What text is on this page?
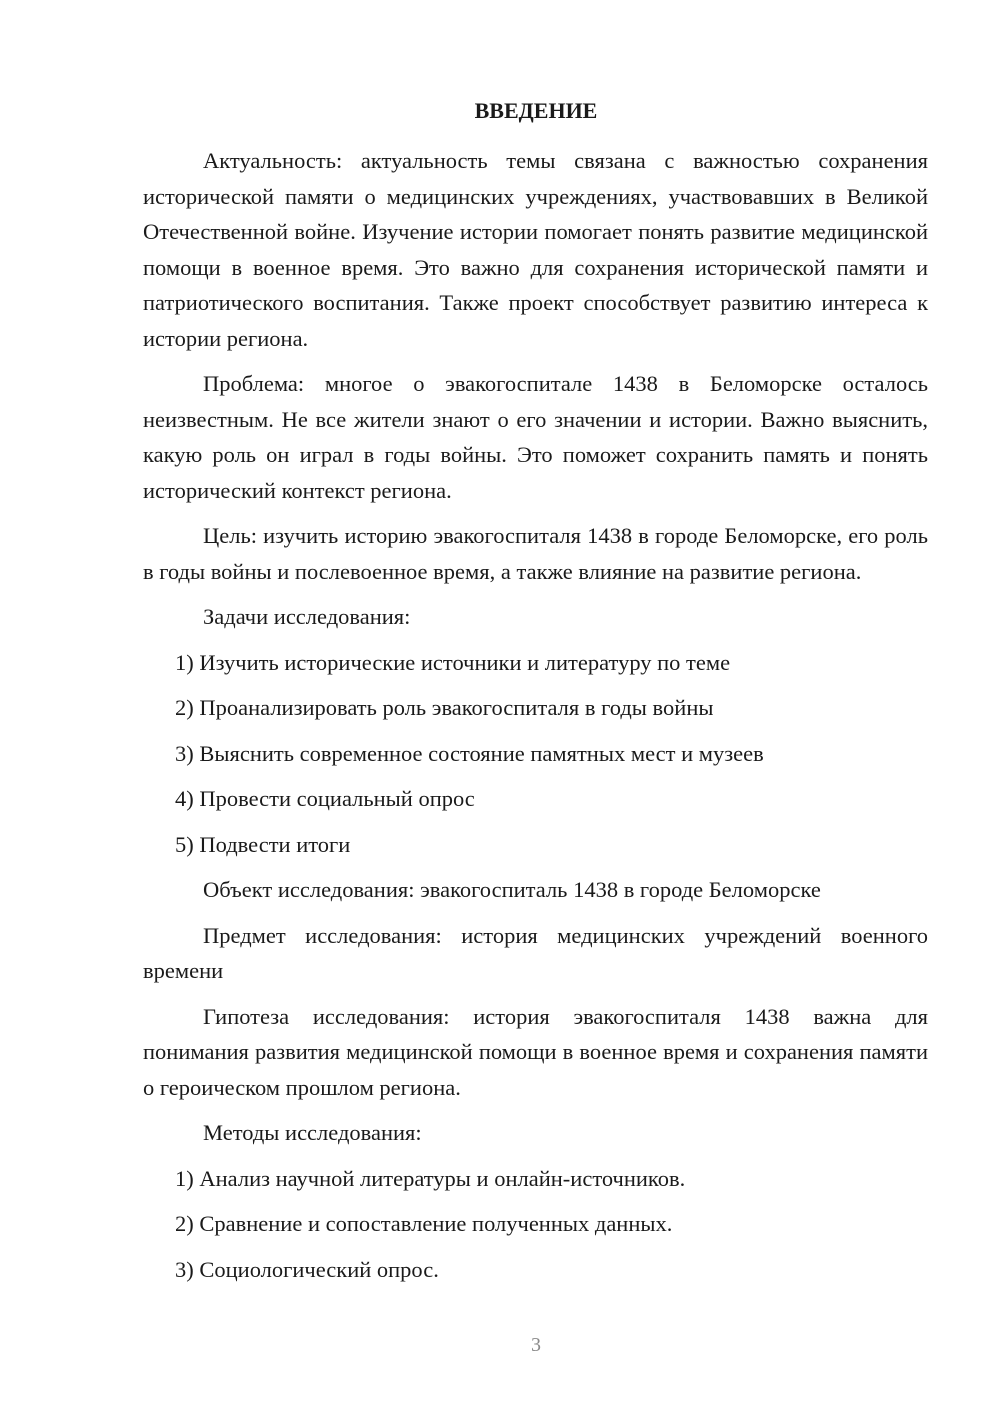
ВВЕДЕНИЕ

Актуальность: актуальность темы связана с важностью сохранения исторической памяти о медицинских учреждениях, участвовавших в Великой Отечественной войне. Изучение истории помогает понять развитие медицинской помощи в военное время. Это важно для сохранения исторической памяти и патриотического воспитания. Также проект способствует развитию интереса к истории региона.

Проблема: многое о эвакогоспитале 1438 в Беломорске осталось неизвестным. Не все жители знают о его значении и истории. Важно выяснить, какую роль он играл в годы войны. Это поможет сохранить память и понять исторический контекст региона.

Цель: изучить историю эвакогоспиталя 1438 в городе Беломорске, его роль в годы войны и послевоенное время, а также влияние на развитие региона.

Задачи исследования:

1) Изучить исторические источники и литературу по теме
2) Проанализировать роль эвакогоспиталя в годы войны
3) Выяснить современное состояние памятных мест и музеев
4) Провести социальный опрос
5) Подвести итоги

Объект исследования: эвакогоспиталь 1438 в городе Беломорске

Предмет исследования: история медицинских учреждений военного времени

Гипотеза исследования: история эвакогоспиталя 1438 важна для понимания развития медицинской помощи в военное время и сохранения памяти о героическом прошлом региона.

Методы исследования:

1) Анализ научной литературы и онлайн-источников.
2) Сравнение и сопоставление полученных данных.
3) Социологический опрос.
3
